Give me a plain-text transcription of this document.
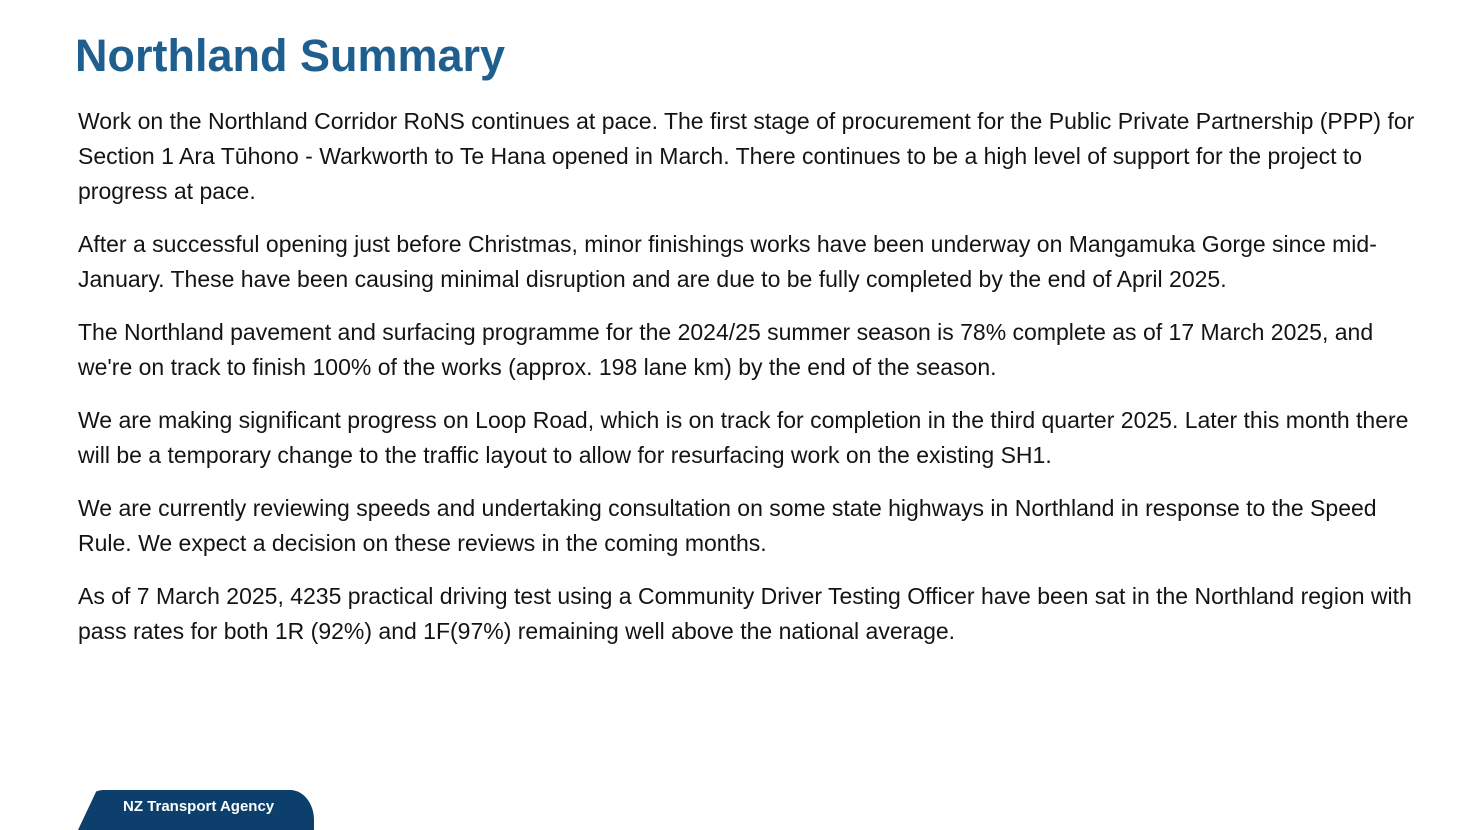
Northland Summary

Work on the Northland Corridor RoNS continues at pace. The first stage of procurement for the Public Private Partnership (PPP) for Section 1 Ara Tūhono - Warkworth to Te Hana opened in March. There continues to be a high level of support for the project to progress at pace.

After a successful opening just before Christmas, minor finishings works have been underway on Mangamuka Gorge since mid-January. These have been causing minimal disruption and are due to be fully completed by the end of April 2025.

The Northland pavement and surfacing programme for the 2024/25 summer season is 78% complete as of 17 March 2025, and we're on track to finish 100% of the works (approx. 198 lane km) by the end of the season.

We are making significant progress on Loop Road, which is on track for completion in the third quarter 2025. Later this month there will be a temporary change to the traffic layout to allow for resurfacing work on the existing SH1.

We are currently reviewing speeds and undertaking consultation on some state highways in Northland in response to the Speed Rule. We expect a decision on these reviews in the coming months.

As of 7 March 2025, 4235 practical driving test using a Community Driver Testing Officer have been sat in the Northland region with pass rates for both 1R (92%) and 1F(97%) remaining well above the national average.

NZ Transport Agency
